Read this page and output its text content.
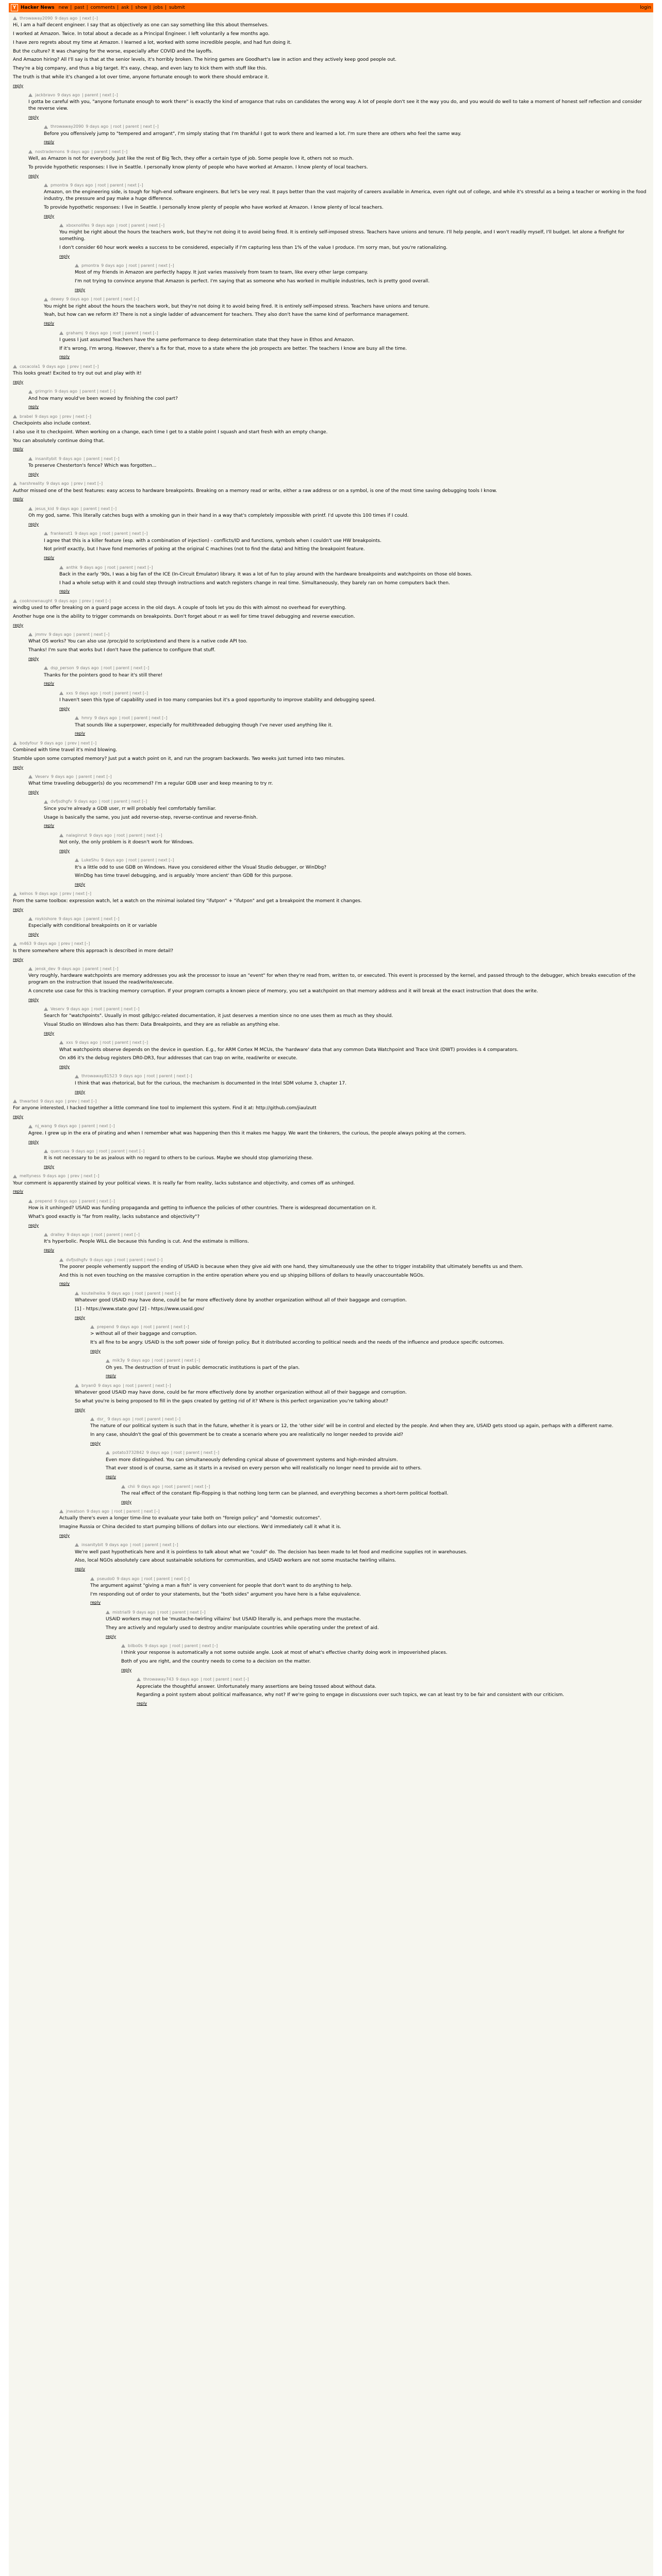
Y Hacker News new | past | comments | ask | show | jobs | submit	login
throwaway2090 9 days ago | next [–]

Hi, I am a half decent engineer. I say that as objectively as one can say something like this about themselves.

I worked at Amazon. Twice. In total about a decade as a Principal Engineer. I left voluntarily a few months ago.

I have zero regrets about my time at Amazon. I learned a lot, worked with some incredible people, and had fun doing it.

But the culture? It was changing for the worse, especially after COVID and the layoffs.

And Amazon hiring? All I'll say is that at the senior levels, it's horribly broken. The hiring games are Goodhart's law in action and they actively keep good people out.

They're a big company, and thus a big target. It's easy, cheap, and even lazy to kick them with stuff like this.

The truth is that while it's changed a lot over time, anyone fortunate enough to work there should embrace it.

reply
jackbravo 9 days ago | parent | next [–]

I gotta be careful with you, "anyone fortunate enough to work there" is exactly the kind of arrogance that rubs on candidates the wrong way. A lot of people don't see it the way you do, and you would do well to take a moment of honest self reflection and consider the reverse view.

reply
throwaway2090 9 days ago | root | parent | next [–]

Before you offensively jump to "tempered and arrogant", I'm simply stating that I'm thankful I got to work there and learned a lot. I'm sure there are others who feel the same way.

reply
nostrademons 9 days ago | parent | next [–]

Well, as Amazon is not for everybody. Just like the rest of Big Tech, they offer a certain type of job. Some people love it, others not so much.

To provide hypothetic responses: I live in Seattle. I personally know plenty of people who have worked at Amazon. I know plenty of local teachers.

reply
pmontra 9 days ago | root | parent | next [–]

Amazon, on the engineering side, is tough for high-end software engineers. But let's be very real. It pays better than the vast majority of careers available in America, even right out of college, and while it's stressful as a being a teacher or working in the food industry, the pressure and pay make a huge difference.

To provide hypothetic responses: I live in Seattle. I personally know plenty of people who have worked at Amazon. I know plenty of local teachers.

reply
xboxnolifes 9 days ago | root | parent | next [–]

You might be right about the hours the teachers work, but they're not doing it to avoid being fired. It is entirely self-imposed stress. Teachers have unions and tenure. I'll help people, and I won't readily myself, I'll budget. let alone a firefight for something.

I don't consider 60 hour work weeks a success to be considered, especially if I'm capturing less than 1% of the value I produce. I'm sorry man, but you're rationalizing.

reply
pmontra 9 days ago | root | parent | next [–]

Most of my friends in Amazon are perfectly happy. It just varies massively from team to team, like every other large company.

I'm not trying to convince anyone that Amazon is perfect. I'm saying that as someone who has worked in multiple industries, tech is pretty good overall.

reply
dewey 9 days ago | root | parent | next [–]

You might be right about the hours the teachers work, but they're not doing it to avoid being fired. It is entirely self-imposed stress. Teachers have unions and tenure.

Yeah, but how can we reform it? There is not a single ladder of advancement for teachers. They also don't have the same kind of performance management.

reply
grahamj 9 days ago | root | parent | next [–]

I guess I just assumed Teachers have the same performance to deep determination state that they have in Ethos and Amazon.

If it's wrong, I'm wrong. However, there's a fix for that, move to a state where the job prospects are better. The teachers I know are busy all the time.

reply
cocacola1 9 days ago | prev | next [–]

This looks great! Excited to try out out and play with it!

reply
grimgrin 9 days ago | parent | next [–]

And how many would've been wowed by finishing the cool part?

reply
brabel 9 days ago | prev | next [–]

Checkpoints also include context.

I also use it to checkpoint. When working on a change, each time I get to a stable point I squash and start fresh with an empty change.

You can absolutely continue doing that.

reply
insanitybit 9 days ago | parent | next [–]

To preserve Chesterton's fence? Which was forgotten...

reply
harshreality 9 days ago | prev | next [–]

Author missed one of the best features: easy access to hardware breakpoints. Breaking on a memory read or write, either a raw address or on a symbol, is one of the most time saving debugging tools I know.

reply
jesus_kid 9 days ago | parent | next [–]

Oh my god, same. This literally catches bugs with a smoking gun in their hand in a way that's completely impossible with printf. I'd upvote this 100 times if I could.

reply
frankenst1 9 days ago | root | parent | next [–]

I agree that this is a killer feature (esp. with a combination of injection) - conflicts/ID and functions, symbols when I couldn't use HW breakpoints.

Not printf exactly, but I have fond memories of poking at the original C machines (not to find the data) and hitting the breakpoint feature.

reply
anthk 9 days ago | root | parent | next [–]

Back in the early '90s, I was a big fan of the ICE (In-Circuit Emulator) library. It was a lot of fun to play around with the hardware breakpoints and watchpoints on those old boxes.

I had a whole setup with it and could step through instructions and watch registers change in real time. Simultaneously, they barely ran on home computers back then.

reply
cooknownaught 9 days ago | prev | next [–]

windbg used to offer breaking on a guard page access in the old days. A couple of tools let you do this with almost no overhead for everything.

Another huge one is the ability to trigger commands on breakpoints. Don't forget about rr as well for time travel debugging and reverse execution.

reply
jmmv 9 days ago | parent | next [–]

What OS works? You can also use /proc/pid to script/extend and there is a native code API too.

Thanks! I'm sure that works but I don't have the patience to configure that stuff.

reply
dsp_person 9 days ago | root | parent | next [–]

Thanks for the pointers good to hear it's still there!

reply
xxs 9 days ago | root | parent | next [–]

I haven't seen this type of capability used in too many companies but it's a good opportunity to improve stability and debugging speed.

reply
hmry 9 days ago | root | parent | next [–]

That sounds like a superpower, especially for multithreaded debugging though I've never used anything like it.

reply
bodyfour 9 days ago | prev | next [–]

Combined with time travel it's mind blowing.

Stumble upon some corrupted memory? Just put a watch point on it, and run the program backwards. Two weeks just turned into two minutes.

reply
Veserv 9 days ago | parent | next [–]

What time traveling debugger(s) do you recommend? I'm a regular GDB user and keep meaning to try rr.

reply
dvfjsdhgfv 9 days ago | root | parent | next [–]

Since you're already a GDB user, rr will probably feel comfortably familiar.

Usage is basically the same, you just add reverse-step, reverse-continue and reverse-finish.

reply
nalaginrut 9 days ago | root | parent | next [–]

Not only, the only problem is it doesn't work for Windows.

reply
LukeShu 9 days ago | root | parent | next [–]

It's a little odd to use GDB on Windows. Have you considered either the Visual Studio debugger, or WinDbg?

WinDbg has time travel debugging, and is arguably 'more ancient' than GDB for this purpose.

reply
kelnos 9 days ago | prev | next [–]

From the same toolbox: expression watch, let a watch on the minimal isolated tiny "ifutpon" + "ifutpon" and get a breakpoint the moment it changes.

reply
roykishore 9 days ago | parent | next [–]

Especially with conditional breakpoints on it or variable

reply
m463 9 days ago | prev | next [–]

Is there somewhere where this approach is described in more detail?

reply
jensk_dev 9 days ago | parent | next [–]

Very roughly, hardware watchpoints are memory addresses you ask the processor to issue an "event" for when they're read from, written to, or executed. This event is processed by the kernel, and passed through to the debugger, which breaks execution of the program on the instruction that issued the read/write/execute.

A concrete use case for this is tracking memory corruption. If your program corrupts a known piece of memory, you set a watchpoint on that memory address and it will break at the exact instruction that does the write.

reply
Veserv 9 days ago | root | parent | next [–]

Search for "watchpoints". Usually in most gdb/gcc-related documentation, it just deserves a mention since no one uses them as much as they should.

Visual Studio on Windows also has them: Data Breakpoints, and they are as reliable as anything else.

reply
xxs 9 days ago | root | parent | next [–]

What watchpoints observe depends on the device in question. E.g., for ARM Cortex M MCUs, the 'hardware' data that any common Data Watchpoint and Trace Unit (DWT) provides is 4 comparators.

On x86 it's the debug registers DR0-DR3, four addresses that can trap on write, read/write or execute.

reply
throwaway81523 9 days ago | root | parent | next [–]

I think that was rhetorical, but for the curious, the mechanism is documented in the Intel SDM volume 3, chapter 17.

reply
thwarted 9 days ago | prev | next [–]

For anyone interested, I hacked together a little command line tool to implement this system. Find it at: http://github.com/jiaulzutt

reply
nj_wang 9 days ago | parent | next [–]

Agree. I grew up in the era of pirating and when I remember what was happening then this it makes me happy. We want the tinkerers, the curious, the people always poking at the corners.

reply
quercusa 9 days ago | root | parent | next [–]

It is not necessary to be as jealous with no regard to others to be curious. Maybe we should stop glamorizing these.

reply
meltyness 9 days ago | prev | next [–]

Your comment is apparently stained by your political views. It is really far from reality, lacks substance and objectivity, and comes off as unhinged.

reply
prepend 9 days ago | parent | next [–]

How is it unhinged? USAID was funding propaganda and getting to influence the policies of other countries. There is widespread documentation on it.

What's good exactly is "far from reality, lacks substance and objectivity"?

reply
dralley 9 days ago | root | parent | next [–]

It's hyperbolic. People WILL die because this funding is cut. And the estimate is millions.

reply
dvfjsdhgfv 9 days ago | root | parent | next [–]

The poorer people vehemently support the ending of USAID is because when they give aid with one hand, they simultaneously use the other to trigger instability that ultimately benefits us and them.

And this is not even touching on the massive corruption in the entire operation where you end up shipping billions of dollars to heavily unaccountable NGOs.

reply
kouteiheika 9 days ago | root | parent | next [–]

Whatever good USAID may have done, could be far more effectively done by another organization without all of their baggage and corruption.

[1] - https://www.state.gov/ [2] - https://www.usaid.gov/

reply
prepend 9 days ago | root | parent | next [–]

> without all of their baggage and corruption.

It's all fine to be angry. USAID is the soft power side of foreign policy. But it distributed according to political needs and the needs of the influence and produce specific outcomes.

reply
mik3y 9 days ago | root | parent | next [–]

Oh yes. The destruction of trust in public democratic institutions is part of the plan.

reply
bryan0 9 days ago | root | parent | next [–]

Whatever good USAID may have done, could be far more effectively done by another organization without all of their baggage and corruption.

So what you're is being proposed to fill in the gaps created by getting rid of it? Where is this perfect organization you're talking about?

reply
dsr_ 9 days ago | root | parent | next [–]

The nature of our political system is such that in the future, whether it is years or 12, the 'other side' will be in control and elected by the people. And when they are, USAID gets stood up again, perhaps with a different name.

In any case, shouldn't the goal of this government be to create a scenario where you are realistically no longer needed to provide aid?

reply
potato3732842 9 days ago | root | parent | next [–]

Even more distinguished. You can simultaneously defending cynical abuse of government systems and high-minded altruism.

That ever stood is of course, same as it starts in a revised on every person who will realistically no longer need to provide aid to others.

reply
chii 9 days ago | root | parent | next [–]

The real effect of the constant flip-flopping is that nothing long term can be planned, and everything becomes a short-term political football.

reply
jnwatson 9 days ago | root | parent | next [–]

Actually there's even a longer time-line to evaluate your take both on "foreign policy" and "domestic outcomes".

Imagine Russia or China decided to start pumping billions of dollars into our elections. We'd immediately call it what it is.

reply
insanitybit 9 days ago | root | parent | next [–]

We're well past hypotheticals here and it is pointless to talk about what we "could" do. The decision has been made to let food and medicine supplies rot in warehouses.

Also, local NGOs absolutely care about sustainable solutions for communities, and USAID workers are not some mustache twirling villains.

reply
pseudo0 9 days ago | root | parent | next [–]

The argument against "giving a man a fish" is very convenient for people that don't want to do anything to help.

I'm responding out of order to your statements, but the "both sides" argument you have here is a false equivalence.

reply
mistrial9 9 days ago | root | parent | next [–]

USAID workers may not be 'mustache-twirling villains' but USAID literally is, and perhaps more the mustache.

They are actively and regularly used to destroy and/or manipulate countries while operating under the pretext of aid.

reply
bilbo0s 9 days ago | root | parent | next [–]

I think your response is automatically a not some outside angle. Look at most of what's effective charity doing work in impoverished places.

Both of you are right, and the country needs to come to a decision on the matter.

reply
throwaway743 9 days ago | root | parent | next [–]

Appreciate the thoughtful answer. Unfortunately many assertions are being tossed about without data.

Regarding a point system about political malfeasance, why not? If we're going to engage in discussions over such topics, we can at least try to be fair and consistent with our criticism.

reply
